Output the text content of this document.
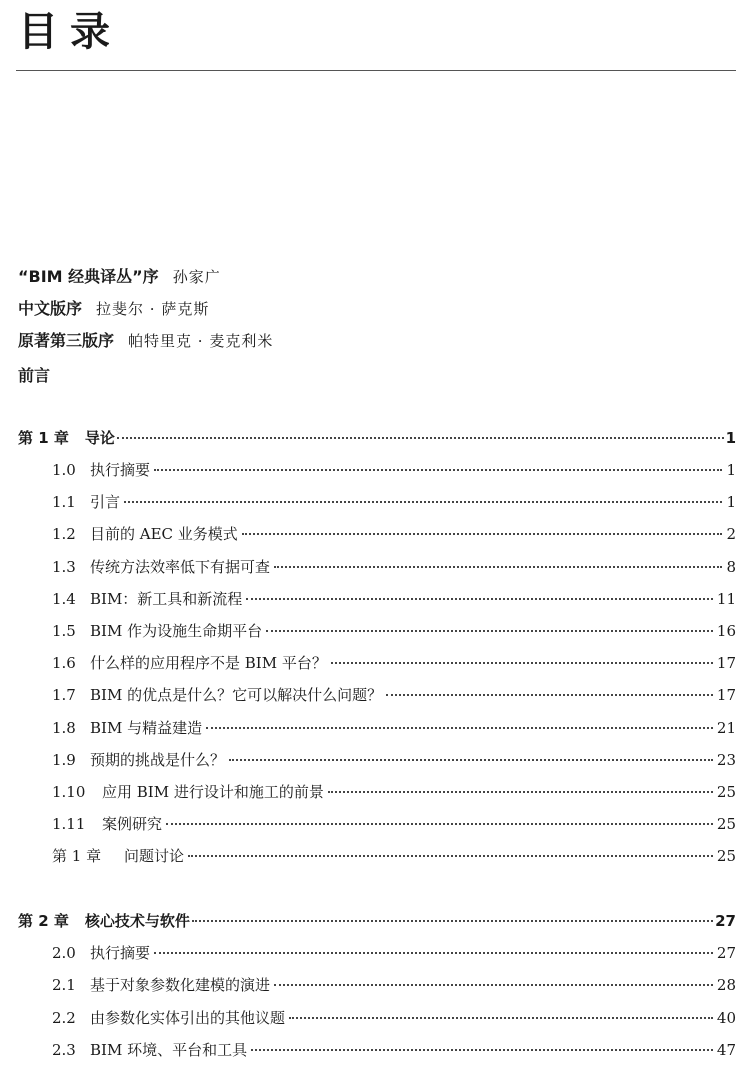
目录
“BIM 经典译丛”序 孙家广
中文版序 拉斐尔 · 萨克斯
原著第三版序 帕特里克 · 麦克利米
前言
第 1 章 导论	1
1.0 执行摘要	1
1.1 引言	1
1.2 目前的 AEC 业务模式	2
1.3 传统方法效率低下有据可查	8
1.4 BIM：新工具和新流程	11
1.5 BIM 作为设施生命期平台	16
1.6 什么样的应用程序不是 BIM 平台？	17
1.7 BIM 的优点是什么？它可以解决什么问题？	17
1.8 BIM 与精益建造	21
1.9 预期的挑战是什么？	23
1.10	应用 BIM 进行设计和施工的前景	25
1.11	案例研究	25
第 1 章	问题讨论	25
第 2 章 核心技术与软件	27
2.0 执行摘要	27
2.1 基于对象参数化建模的演进	28
2.2 由参数化实体引出的其他议题	40
2.3 BIM 环境、平台和工具	47
